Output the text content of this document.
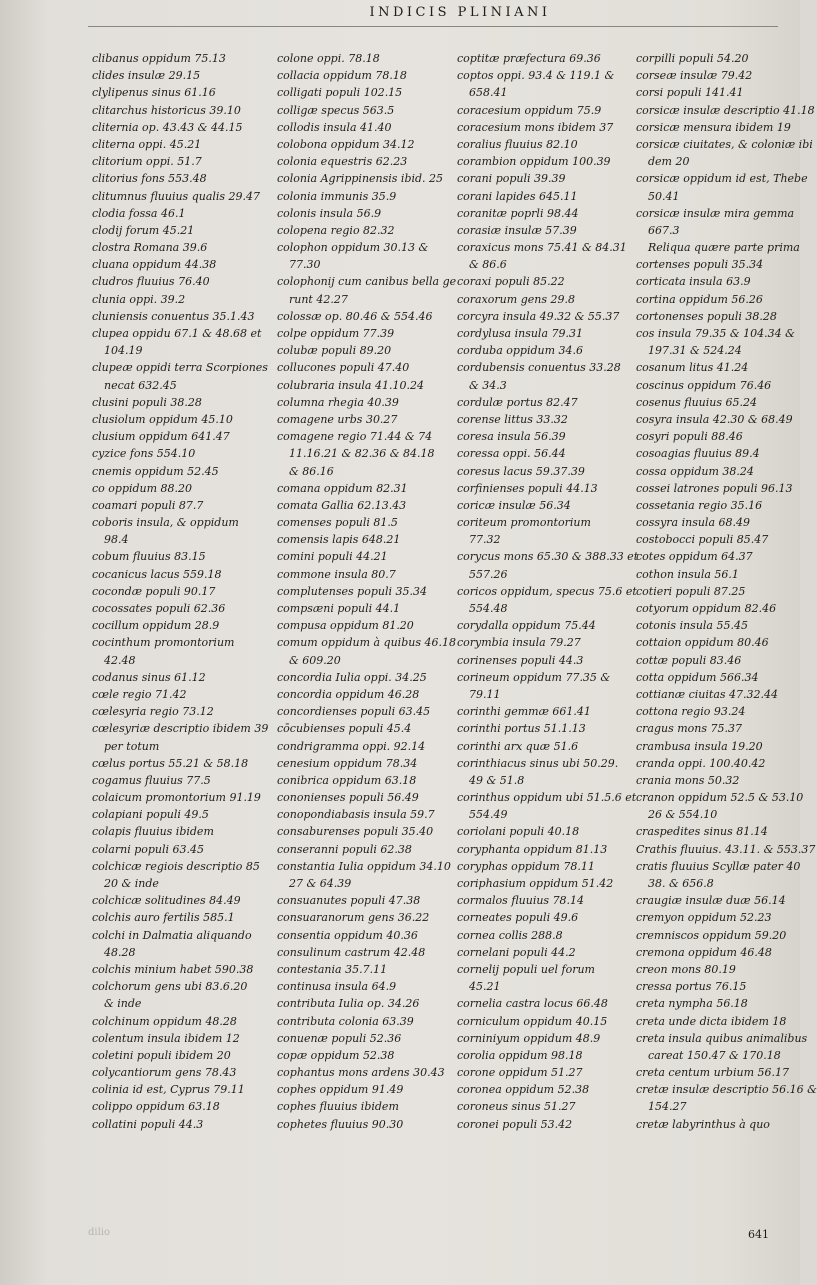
INDICIS PLINIANI
clibanus oppidum 75.13
clides insulæ 29.15
clylipenus sinus 61.16
clitarchus historicus 39.10
cliternia op. 43.43 & 44.15
cliterna oppi. 45.21
clitorium oppi. 51.7
clitorius fons 553.48
clitumnus fluuius qualis 29.47
clodia fossa 46.1
clodij forum 45.21
clostra Romana 39.6
cluana oppidum 44.38
cludros fluuius 76.40
clunia oppi. 39.2
cluniensis conuentus 35.1.43
clupea oppidu 67.1 & 48.68 et
104.19
clupeæ oppidi terra Scorpiones
necat 632.45
clusini populi 38.28
clusiolum oppidum 45.10
clusium oppidum 641.47
cyzice fons 554.10
cnemis oppidum 52.45
co oppidum 88.20
coamari populi 87.7
coboris insula, & oppidum
98.4
cobum fluuius 83.15
cocanicus lacus 559.18
cocondæ populi 90.17
cocossates populi 62.36
cocillum oppidum 28.9
cocinthum promontorium
42.48
codanus sinus 61.12
cœle regio 71.42
cœlesyria regio 73.12
cœlesyriæ descriptio ibidem 39
per totum
cœlus portus 55.21 & 58.18
cogamus fluuius 77.5
colaicum promontorium 91.19
colapiani populi 49.5
colapis fluuius ibidem
colarni populi 63.45
colchicæ regiois descriptio 85
20 & inde
colchicæ solitudines 84.49
colchis auro fertilis 585.1
colchi in Dalmatia aliquando
48.28
colchis minium habet 590.38
colchorum gens ubi 83.6.20
& inde
colchinum oppidum 48.28
colentum insula ibidem 12
coletini populi ibidem 20
colycantiorum gens 78.43
colinia id est, Cyprus 79.11
colippo oppidum 63.18
collatini populi 44.3
colone oppi. 78.18
collacia oppidum 78.18
colligati populi 102.15
colligæ specus 563.5
collodis insula 41.40
colobona oppidum 34.12
colonia equestris 62.23
colonia Agrippinensis ibid. 25
colonia immunis 35.9
colonis insula 56.9
colopena regio 82.32
colophon oppidum 30.13 &
77.30
colophonij cum canibus bella ge
runt 42.27
colossæ op. 80.46 & 554.46
colpe oppidum 77.39
colubæ populi 89.20
collucones populi 47.40
colubraria insula 41.10.24
columna rhegia 40.39
comagene urbs 30.27
comagene regio 71.44 & 74
11.16.21 & 82.36 & 84.18
& 86.16
comana oppidum 82.31
comata Gallia 62.13.43
comenses populi 81.5
comensis lapis 648.21
comini populi 44.21
commone insula 80.7
complutenses populi 35.34
compsæni populi 44.1
compusa oppidum 81.20
comum oppidum à quibus 46.18
& 609.20
concordia Iulia oppi. 34.25
concordia oppidum 46.28
concordienses populi 63.45
cōcubienses populi 45.4
condrigramma oppi. 92.14
cenesium oppidum 78.34
conibrica oppidum 63.18
cononienses populi 56.49
conopondiabasis insula 59.7
consaburenses populi 35.40
conseranni populi 62.38
constantia Iulia oppidum 34.10
27 & 64.39
consuanutes populi 47.38
consuaranorum gens 36.22
consentia oppidum 40.36
consulinum castrum 42.48
contestania 35.7.11
continusa insula 64.9
contributa Iulia op. 34.26
contributa colonia 63.39
conuenæ populi 52.36
copæ oppidum 52.38
cophantus mons ardens 30.43
cophes oppidum 91.49
cophes fluuius ibidem
cophetes fluuius 90.30
coptitæ præfectura 69.36
coptos oppi. 93.4 & 119.1 &
658.41
coracesium oppidum 75.9
coracesium mons ibidem 37
coralius fluuius 82.10
corambion oppidum 100.39
corani populi 39.39
corani lapides 645.11
coranitæ poprli 98.44
corasiæ insulæ 57.39
coraxicus mons 75.41 & 84.31
& 86.6
coraxi populi 85.22
coraxorum gens 29.8
corcyra insula 49.32 & 55.37
cordylusa insula 79.31
corduba oppidum 34.6
cordubensis conuentus 33.28
& 34.3
cordulæ portus 82.47
corense littus 33.32
coresa insula 56.39
coressa oppi. 56.44
coresus lacus 59.37.39
corfinienses populi 44.13
coricæ insulæ 56.34
coriteum promontorium
77.32
corycus mons 65.30 & 388.33 et
557.26
coricos oppidum, specus 75.6 et
554.48
corydalla oppidum 75.44
corymbia insula 79.27
corinenses populi 44.3
corineum oppidum 77.35 &
79.11
corinthi gemmæ 661.41
corinthi portus 51.1.13
corinthi arx quæ 51.6
corinthiacus sinus ubi 50.29.
49 & 51.8
corinthus oppidum ubi 51.5.6 et
554.49
coriolani populi 40.18
coryphanta oppidum 81.13
coryphas oppidum 78.11
coriphasium oppidum 51.42
cormalos fluuius 78.14
corneates populi 49.6
cornea collis 288.8
cornelani populi 44.2
cornelij populi uel forum
45.21
cornelia castra locus 66.48
corniculum oppidum 40.15
corniniyum oppidum 48.9
corolia oppidum 98.18
corone oppidum 51.27
coronea oppidum 52.38
coroneus sinus 51.27
coronei populi 53.42
corpilli populi 54.20
corseæ insulæ 79.42
corsi populi 141.41
corsicæ insulæ descriptio 41.18
corsicæ mensura ibidem 19
corsicæ ciuitates, & coloniæ ibi
dem 20
corsicæ oppidum id est, Thebe
50.41
corsicæ insulæ mira gemma
667.3
Reliqua quære parte prima
cortenses populi 35.34
corticata insula 63.9
cortina oppidum 56.26
cortonenses populi 38.28
cos insula 79.35 & 104.34 &
197.31 & 524.24
cosanum litus 41.24
coscinus oppidum 76.46
cosenus fluuius 65.24
cosyra insula 42.30 & 68.49
cosyri populi 88.46
cosoagias fluuius 89.4
cossa oppidum 38.24
cossei latrones populi 96.13
cossetania regio 35.16
cossyra insula 68.49
costobocci populi 85.47
cotes oppidum 64.37
cothon insula 56.1
cotieri populi 87.25
cotyorum oppidum 82.46
cotonis insula 55.45
cottaion oppidum 80.46
cottæ populi 83.46
cotta oppidum 566.34
cottianæ ciuitas 47.32.44
cottona regio 93.24
cragus mons 75.37
crambusa insula 19.20
cranda oppi. 100.40.42
crania mons 50.32
cranon oppidum 52.5 & 53.10
26 & 554.10
craspedites sinus 81.14
Crathis fluuius. 43.11. & 553.37
cratis fluuius Scyllæ pater 40
38. & 656.8
craugiæ insulæ duæ 56.14
cremyon oppidum 52.23
cremniscos oppidum 59.20
cremona oppidum 46.48
creon mons 80.19
cressa portus 76.15
creta nympha 56.18
creta unde dicta ibidem 18
creta insula quibus animalibus
careat 150.47 & 170.18
creta centum urbium 56.17
cretæ insulæ descriptio 56.16 &
154.27
cretæ labyrinthus à quo
dilio	641
